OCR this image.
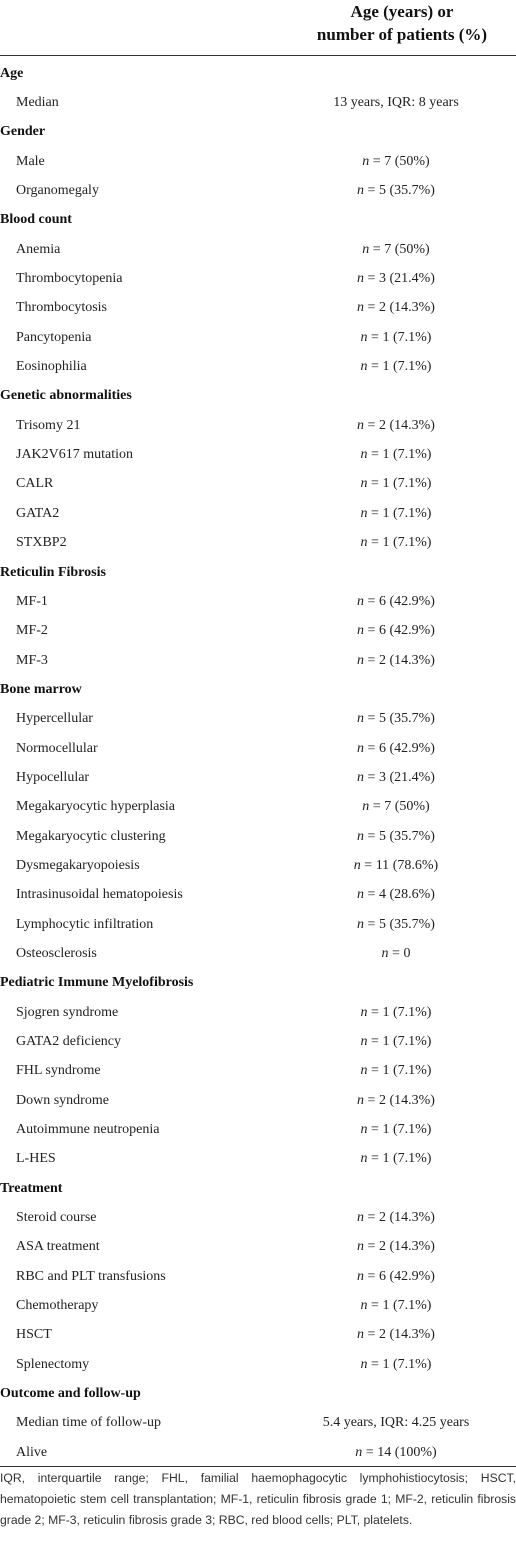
Age (years) or
number of patients (%)
Age
Median	13 years, IQR: 8 years
Gender
Male	n = 7 (50%)
Organomegaly	n = 5 (35.7%)
Blood count
Anemia	n = 7 (50%)
Thrombocytopenia	n = 3 (21.4%)
Thrombocytosis	n = 2 (14.3%)
Pancytopenia	n = 1 (7.1%)
Eosinophilia	n = 1 (7.1%)
Genetic abnormalities
Trisomy 21	n = 2 (14.3%)
JAK2V617 mutation	n = 1 (7.1%)
CALR	n = 1 (7.1%)
GATA2	n = 1 (7.1%)
STXBP2	n = 1 (7.1%)
Reticulin Fibrosis
MF-1	n = 6 (42.9%)
MF-2	n = 6 (42.9%)
MF-3	n = 2 (14.3%)
Bone marrow
Hypercellular	n = 5 (35.7%)
Normocellular	n = 6 (42.9%)
Hypocellular	n = 3 (21.4%)
Megakaryocytic hyperplasia	n = 7 (50%)
Megakaryocytic clustering	n = 5 (35.7%)
Dysmegakaryopoiesis	n = 11 (78.6%)
Intrasinusoidal hematopoiesis	n = 4 (28.6%)
Lymphocytic infiltration	n = 5 (35.7%)
Osteosclerosis	n = 0
Pediatric Immune Myelofibrosis
Sjogren syndrome	n = 1 (7.1%)
GATA2 deficiency	n = 1 (7.1%)
FHL syndrome	n = 1 (7.1%)
Down syndrome	n = 2 (14.3%)
Autoimmune neutropenia	n = 1 (7.1%)
L-HES	n = 1 (7.1%)
Treatment
Steroid course	n = 2 (14.3%)
ASA treatment	n = 2 (14.3%)
RBC and PLT transfusions	n = 6 (42.9%)
Chemotherapy	n = 1 (7.1%)
HSCT	n = 2 (14.3%)
Splenectomy	n = 1 (7.1%)
Outcome and follow-up
Median time of follow-up	5.4 years, IQR: 4.25 years
Alive	n = 14 (100%)
IQR, interquartile range; FHL, familial haemophagocytic lymphohistiocytosis; HSCT, hematopoietic stem cell transplantation; MF-1, reticulin fibrosis grade 1; MF-2, reticulin fibrosis grade 2; MF-3, reticulin fibrosis grade 3; RBC, red blood cells; PLT, platelets.
